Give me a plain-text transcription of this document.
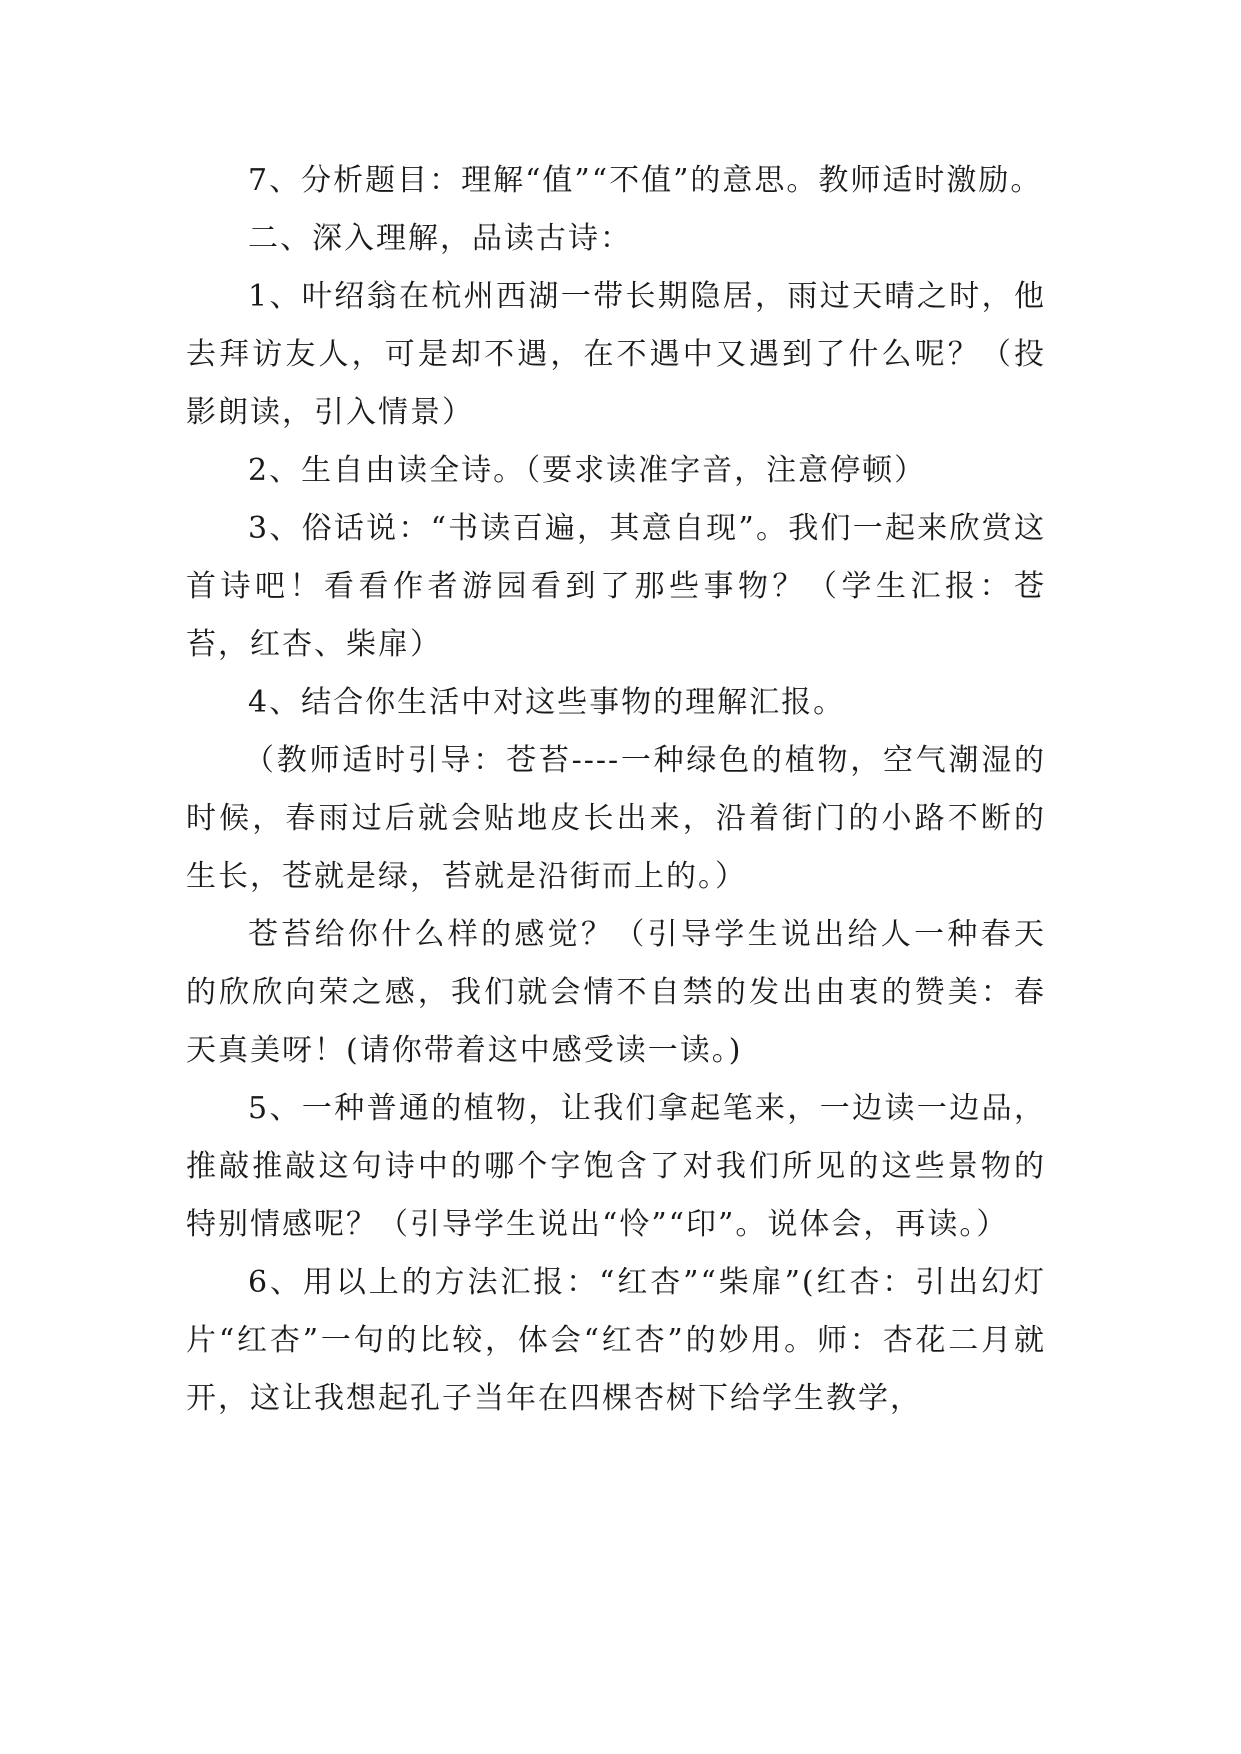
7、分析题目：理解“值”“不值”的意思。教师适时激励。

二、深入理解，品读古诗：

1、叶绍翁在杭州西湖一带长期隐居，雨过天晴之时，他去拜访友人，可是却不遇，在不遇中又遇到了什么呢？（投影朗读，引入情景）

2、生自由读全诗。（要求读准字音，注意停顿）

3、俗话说：“书读百遍，其意自现”。我们一起来欣赏这首诗吧！看看作者游园看到了那些事物？（学生汇报：苍苔，红杏、柴扉）

4、结合你生活中对这些事物的理解汇报。

（教师适时引导：苍苔----一种绿色的植物，空气潮湿的时候，春雨过后就会贴地皮长出来，沿着街门的小路不断的生长，苍就是绿，苔就是沿街而上的。）

苍苔给你什么样的感觉？（引导学生说出给人一种春天的欣欣向荣之感，我们就会情不自禁的发出由衷的赞美：春天真美呀！(请你带着这中感受读一读。)

5、一种普通的植物，让我们拿起笔来，一边读一边品，推敲推敲这句诗中的哪个字饱含了对我们所见的这些景物的特别情感呢？（引导学生说出“怜”“印”。说体会，再读。）

6、用以上的方法汇报：“红杏”“柴扉”(红杏：引出幻灯片“红杏”一句的比较，体会“红杏”的妙用。师：杏花二月就开，这让我想起孔子当年在四棵杏树下给学生教学，
